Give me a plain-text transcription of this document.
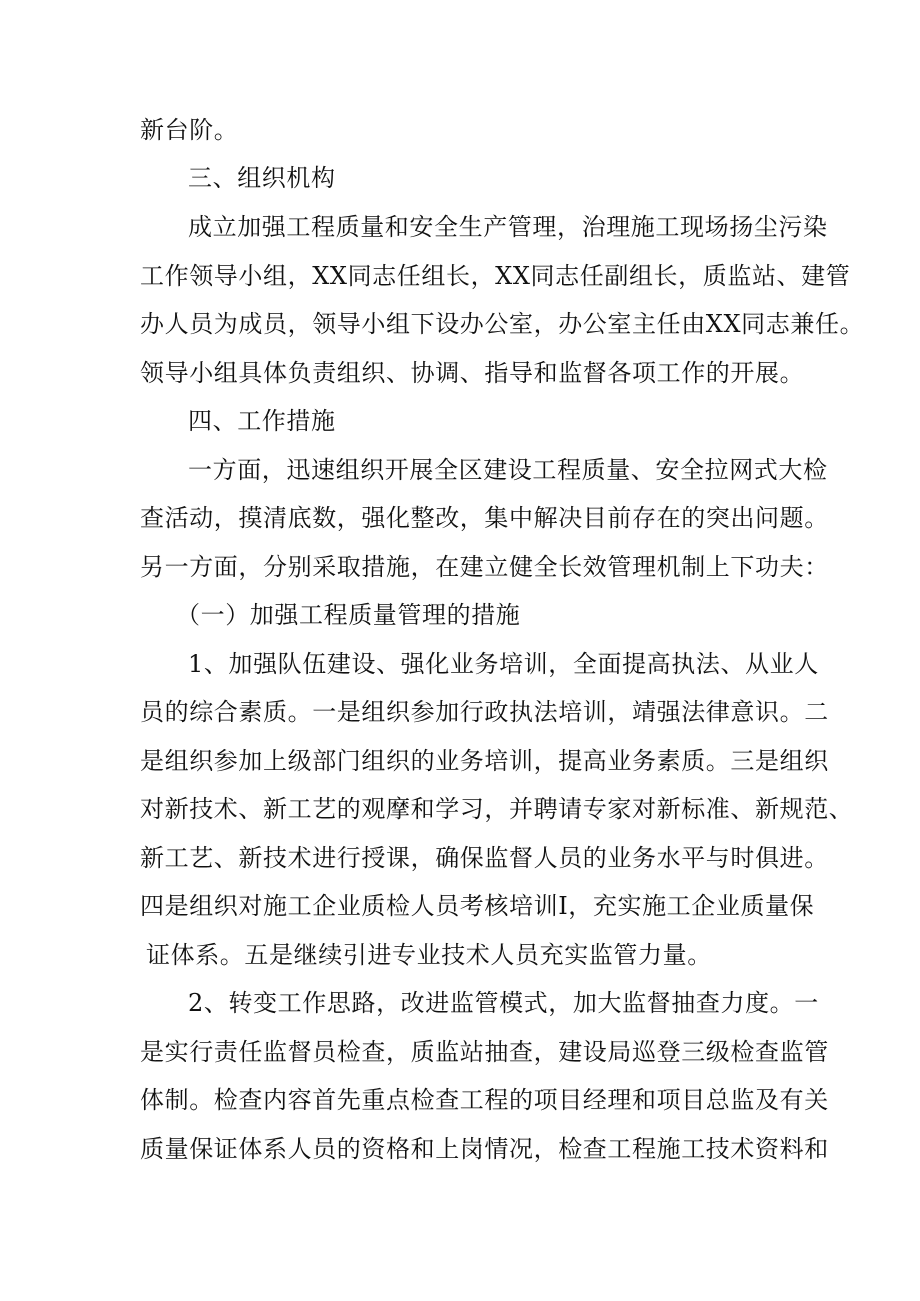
新台阶。
三、组织机构
成立加强工程质量和安全生产管理，治理施工现场扬尘污染
工作领导小组，XX同志任组长，XX同志任副组长，质监站、建管
办人员为成员，领导小组下设办公室，办公室主任由XX同志兼任。
领导小组具体负责组织、协调、指导和监督各项工作的开展。
四、工作措施
一方面，迅速组织开展全区建设工程质量、安全拉网式大检
查活动，摸清底数，强化整改，集中解决目前存在的突出问题。
另一方面，分别采取措施，在建立健全长效管理机制上下功夫：
（一）加强工程质量管理的措施
1、加强队伍建设、强化业务培训，全面提高执法、从业人
员的综合素质。一是组织参加行政执法培训，靖强法律意识。二
是组织参加上级部门组织的业务培训，提高业务素质。三是组织
对新技术、新工艺的观摩和学习，并聘请专家对新标准、新规范、
新工艺、新技术进行授课，确保监督人员的业务水平与时俱进。
四是组织对施工企业质检人员考核培训I，充实施工企业质量保
证体系。五是继续引进专业技术人员充实监管力量。
2、转变工作思路，改进监管模式，加大监督抽查力度。一
是实行责任监督员检查，质监站抽查，建设局巡登三级检查监管
体制。检查内容首先重点检查工程的项目经理和项目总监及有关
质量保证体系人员的资格和上岗情况，检查工程施工技术资料和
